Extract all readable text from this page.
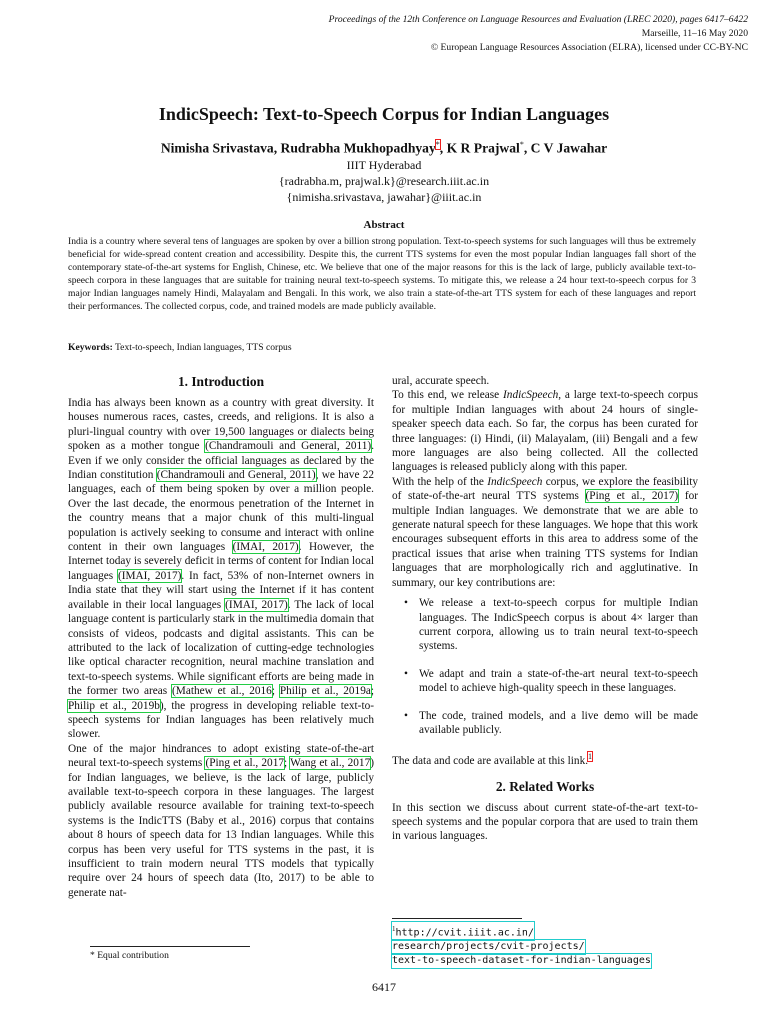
Proceedings of the 12th Conference on Language Resources and Evaluation (LREC 2020), pages 6417–6422
Marseille, 11–16 May 2020
© European Language Resources Association (ELRA), licensed under CC-BY-NC
IndicSpeech: Text-to-Speech Corpus for Indian Languages
Nimisha Srivastava, Rudrabha Mukhopadhyay*, K R Prajwal*, C V Jawahar
IIIT Hyderabad
{radrabha.m, prajwal.k}@research.iiit.ac.in
{nimisha.srivastava, jawahar}@iiit.ac.in
Abstract
India is a country where several tens of languages are spoken by over a billion strong population. Text-to-speech systems for such languages will thus be extremely beneficial for wide-spread content creation and accessibility. Despite this, the current TTS systems for even the most popular Indian languages fall short of the contemporary state-of-the-art systems for English, Chinese, etc. We believe that one of the major reasons for this is the lack of large, publicly available text-to-speech corpora in these languages that are suitable for training neural text-to-speech systems. To mitigate this, we release a 24 hour text-to-speech corpus for 3 major Indian languages namely Hindi, Malayalam and Bengali. In this work, we also train a state-of-the-art TTS system for each of these languages and report their performances. The collected corpus, code, and trained models are made publicly available.
Keywords: Text-to-speech, Indian languages, TTS corpus
1. Introduction

India has always been known as a country with great diversity. It houses numerous races, castes, creeds, and religions. It is also a pluri-lingual country with over 19,500 languages or dialects being spoken as a mother tongue (Chandramouli and General, 2011). Even if we only consider the official languages as declared by the Indian constitution (Chandramouli and General, 2011), we have 22 languages, each of them being spoken by over a million people. Over the last decade, the enormous penetration of the Internet in the country means that a major chunk of this multi-lingual population is actively seeking to consume and interact with online content in their own languages (IMAI, 2017). However, the Internet today is severely deficit in terms of content for Indian local languages (IMAI, 2017). In fact, 53% of non-Internet owners in India state that they will start using the Internet if it has content available in their local languages (IMAI, 2017). The lack of local language content is particularly stark in the multimedia domain that consists of videos, podcasts and digital assistants. This can be attributed to the lack of localization of cutting-edge technologies like optical character recognition, neural machine translation and text-to-speech systems. While significant efforts are being made in the former two areas (Mathew et al., 2016; Philip et al., 2019a; Philip et al., 2019b), the progress in developing reliable text-to-speech systems for Indian languages has been relatively much slower.

One of the major hindrances to adopt existing state-of-the-art neural text-to-speech systems (Ping et al., 2017; Wang et al., 2017) for Indian languages, we believe, is the lack of large, publicly available text-to-speech corpora in these languages. The largest publicly available resource available for training text-to-speech systems is the IndicTTS (Baby et al., 2016) corpus that contains about 8 hours of speech data for 13 Indian languages. While this corpus has been very useful for TTS systems in the past, it is insufficient to train modern neural TTS models that typically require over 24 hours of speech data (Ito, 2017) to be able to generate nat-

ural, accurate speech.

To this end, we release IndicSpeech, a large text-to-speech corpus for multiple Indian languages with about 24 hours of single-speaker speech data each. So far, the corpus has been curated for three languages: (i) Hindi, (ii) Malayalam, (iii) Bengali and a few more languages are also being collected. All the collected languages is released publicly along with this paper.

With the help of the IndicSpeech corpus, we explore the feasibility of state-of-the-art neural TTS systems (Ping et al., 2017) for multiple Indian languages. We demonstrate that we are able to generate natural speech for these languages. We hope that this work encourages subsequent efforts in this area to address some of the practical issues that arise when training TTS systems for Indian languages that are morphologically rich and agglutinative. In summary, our key contributions are:

• We release a text-to-speech corpus for multiple Indian languages. The IndicSpeech corpus is about 4× larger than current corpora, allowing us to train neural text-to-speech systems.
• We adapt and train a state-of-the-art neural text-to-speech model to achieve high-quality speech in these languages.
• The code, trained models, and a live demo will be made available publicly.

The data and code are available at this link.$^1$

2. Related Works

In this section we discuss about current state-of-the-art text-to-speech systems and the popular corpora that are used to train them in various languages.

* Equal contribution
$^1$http://cvit.iiit.ac.in/
research/projects/cvit-projects/
text-to-speech-dataset-for-indian-languages
6417
